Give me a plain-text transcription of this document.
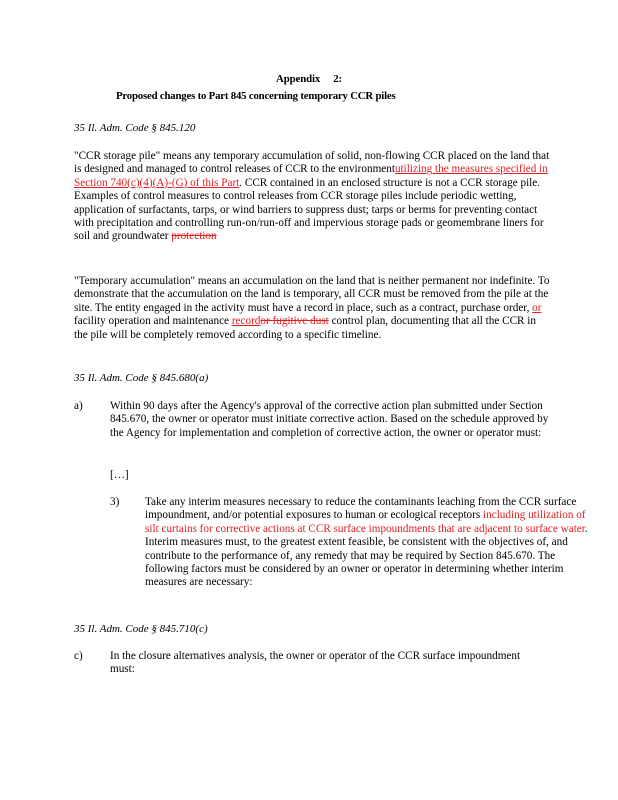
Appendix     2:
Proposed changes to Part 845 concerning temporary CCR piles
35 Il. Adm. Code § 845.120

"CCR storage pile" means any temporary accumulation of solid, non-flowing CCR placed on the land that is designed and managed to control releases of CCR to the environmentutilizing the measures specified in Section 740(c)(4)(A)-(G) of this Part. CCR contained in an enclosed structure is not a CCR storage pile. Examples of control measures to control releases from CCR storage piles include periodic wetting, application of surfactants, tarps, or wind barriers to suppress dust; tarps or berms for preventing contact with precipitation and controlling run-on/run-off and impervious storage pads or geomembrane liners for soil and groundwater protection

"Temporary accumulation" means an accumulation on the land that is neither permanent nor indefinite. To demonstrate that the accumulation on the land is temporary, all CCR must be removed from the pile at the site. The entity engaged in the activity must have a record in place, such as a contract, purchase order, or facility operation and maintenance recordor fugitive dust control plan, documenting that all the CCR in the pile will be completely removed according to a specific timeline.

35 Il. Adm. Code § 845.680(a)
a) Within 90 days after the Agency's approval of the corrective action plan submitted under Section 845.670, the owner or operator must initiate corrective action. Based on the schedule approved by the Agency for implementation and completion of corrective action, the owner or operator must:
[…]
3) Take any interim measures necessary to reduce the contaminants leaching from the CCR surface impoundment, and/or potential exposures to human or ecological receptors including utilization of silt curtains for corrective actions at CCR surface impoundments that are adjacent to surface water. Interim measures must, to the greatest extent feasible, be consistent with the objectives of, and contribute to the performance of, any remedy that may be required by Section 845.670. The following factors must be considered by an owner or operator in determining whether interim measures are necessary:
35 Il. Adm. Code § 845.710(c)
c) In the closure alternatives analysis, the owner or operator of the CCR surface impoundment must:
